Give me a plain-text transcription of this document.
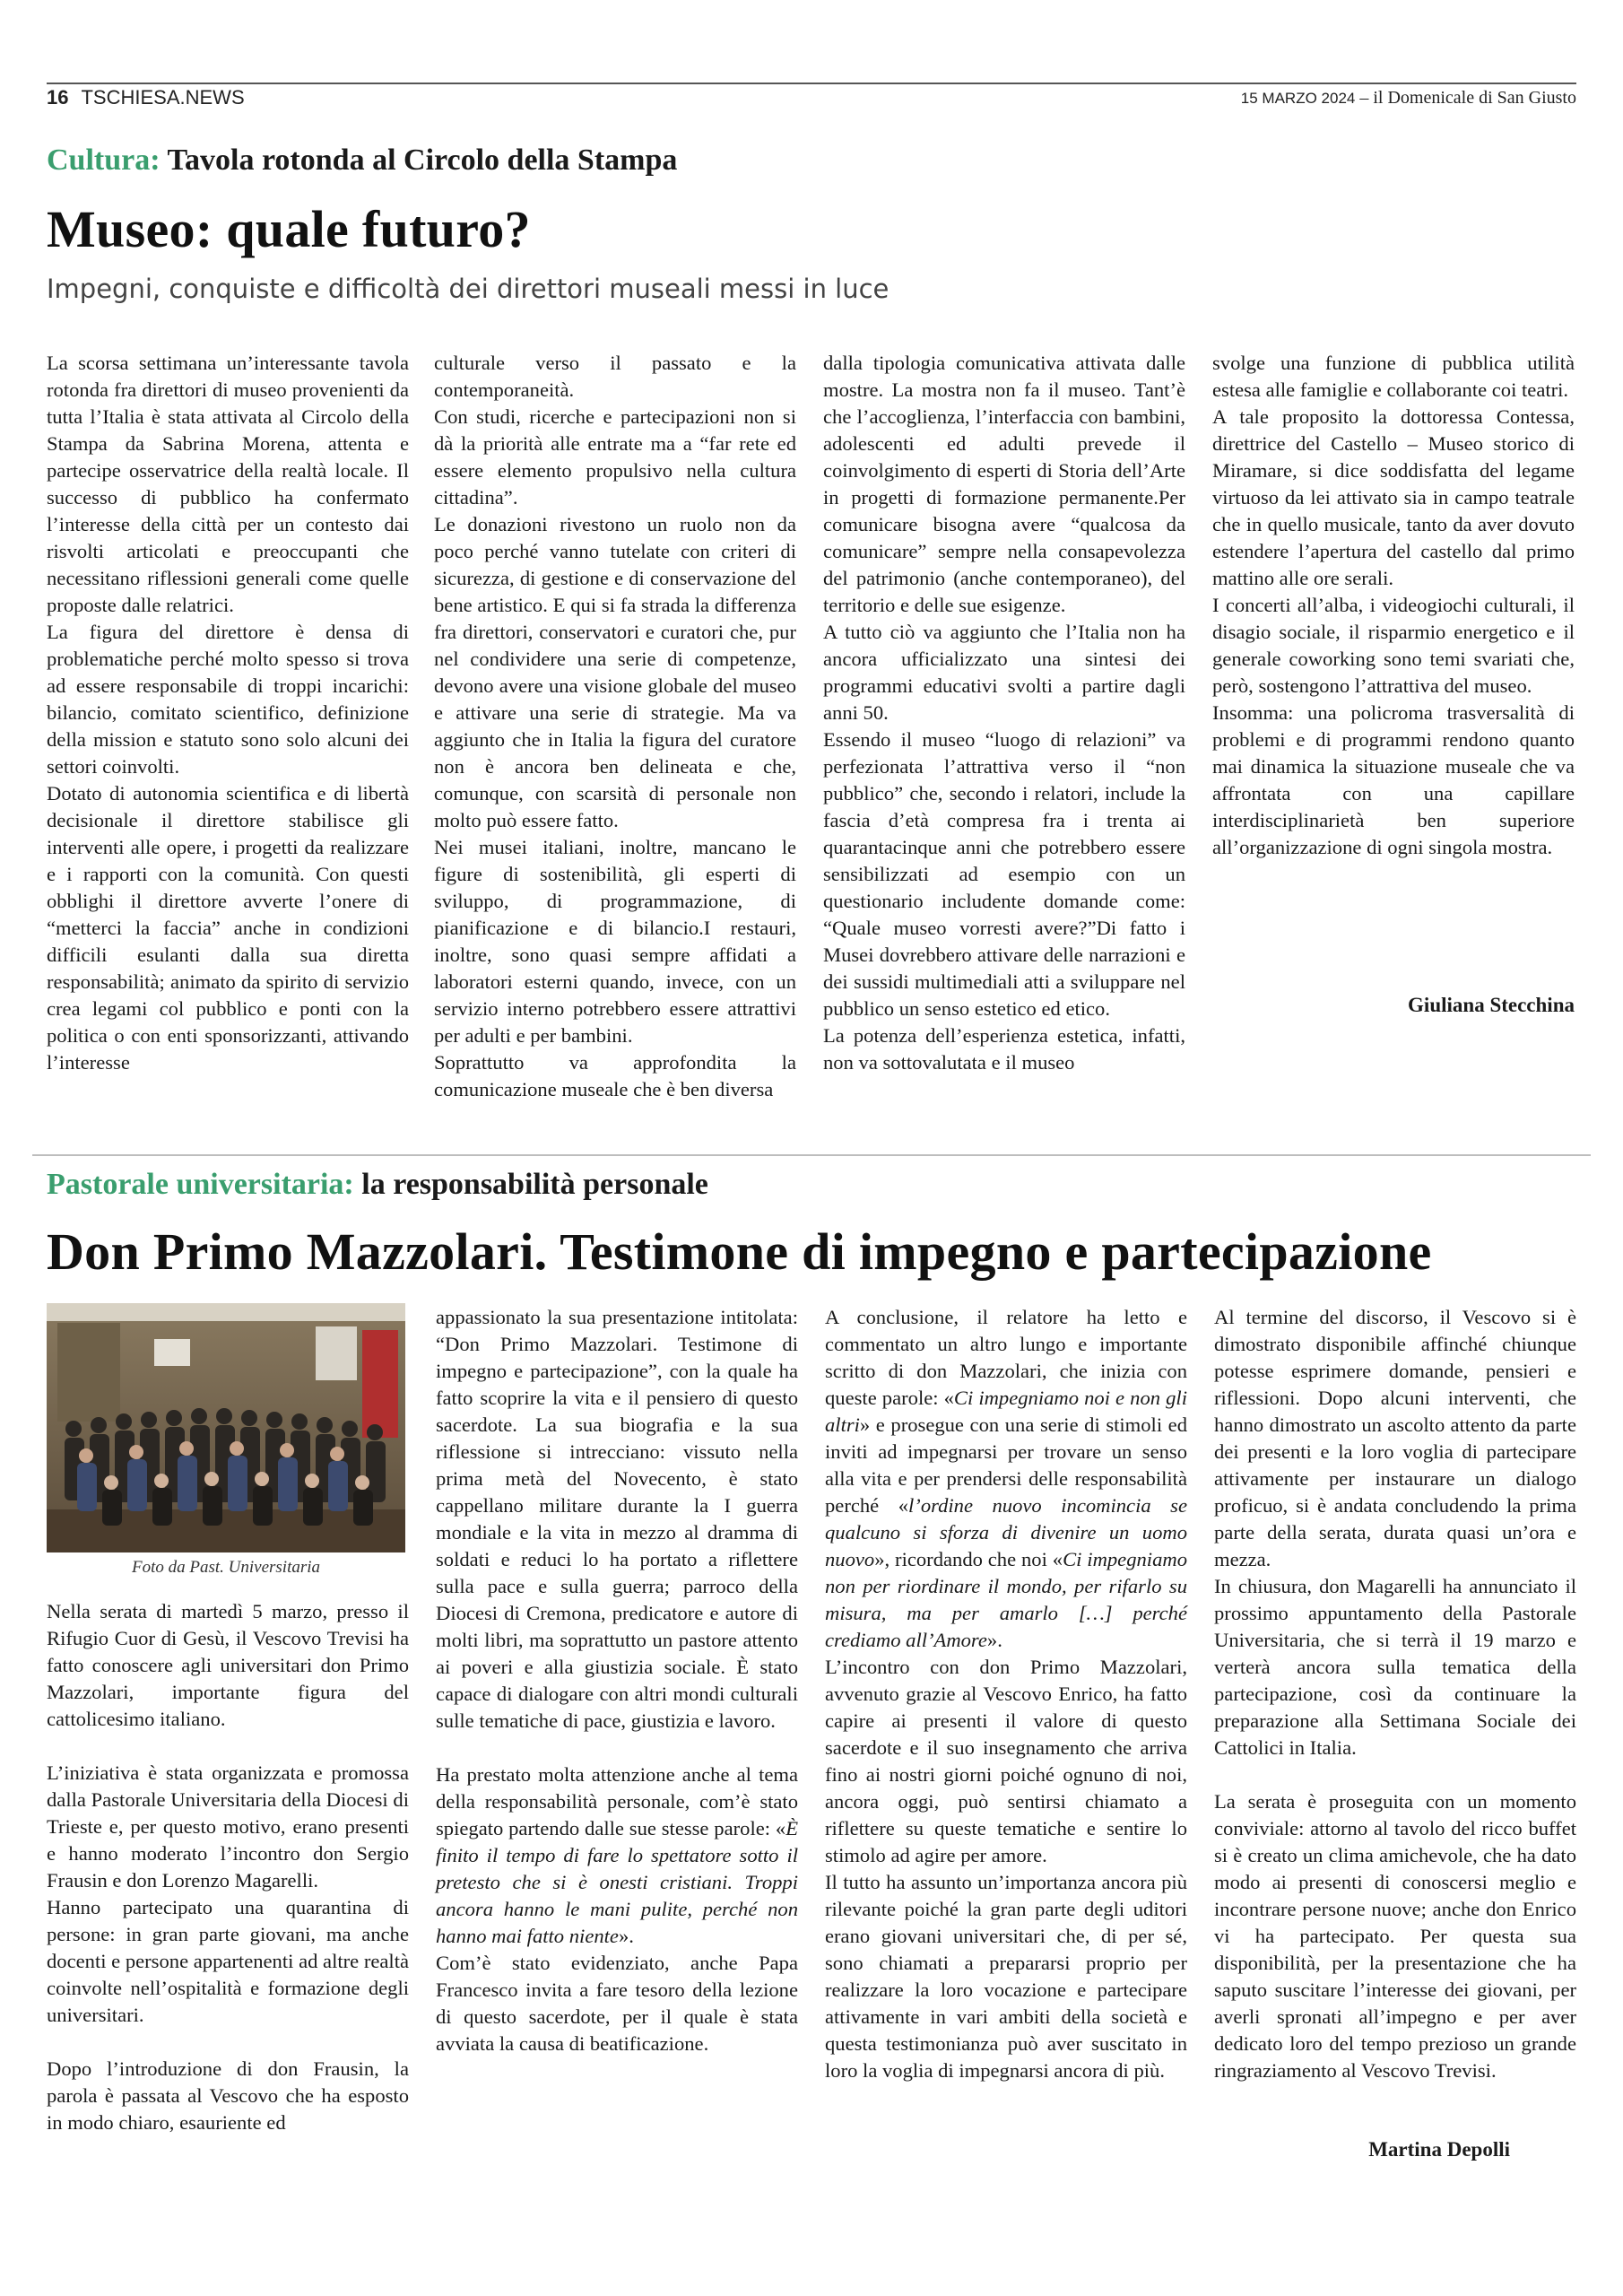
16 TSCHIESA.NEWS	15 MARZO 2024 – il Domenicale di San Giusto
Cultura: Tavola rotonda al Circolo della Stampa
Museo: quale futuro?
Impegni, conquiste e difficoltà dei direttori museali messi in luce

La scorsa settimana un’interessante tavola rotonda fra direttori di museo provenienti da tutta l’Italia è stata attivata al Circolo della Stampa da Sabrina Morena, attenta e partecipe osservatrice della realtà locale. Il successo di pubblico ha confermato l’interesse della città per un contesto dai risvolti articolati e preoccupanti che necessitano riflessioni generali come quelle proposte dalle relatrici.

La figura del direttore è densa di problematiche perché molto spesso si trova ad essere responsabile di troppi incarichi: bilancio, comitato scientifico, definizione della mission e statuto sono solo alcuni dei settori coinvolti.

Dotato di autonomia scientifica e di libertà decisionale il direttore stabilisce gli interventi alle opere, i progetti da realizzare e i rapporti con la comunità. Con questi obblighi il direttore avverte l’onere di “metterci la faccia” anche in condizioni difficili esulanti dalla sua diretta responsabilità; animato da spirito di servizio crea legami col pubblico e ponti con la politica o con enti sponsorizzanti, attivando l’interesse

culturale verso il passato e la contemporaneità.

Con studi, ricerche e partecipazioni non si dà la priorità alle entrate ma a “far rete ed essere elemento propulsivo nella cultura cittadina”.

Le donazioni rivestono un ruolo non da poco perché vanno tutelate con criteri di sicurezza, di gestione e di conservazione del bene artistico. E qui si fa strada la differenza fra direttori, conservatori e curatori che, pur nel condividere una serie di competenze, devono avere una visione globale del museo e attivare una serie di strategie. Ma va aggiunto che in Italia la figura del curatore non è ancora ben delineata e che, comunque, con scarsità di personale non molto può essere fatto.

Nei musei italiani, inoltre, mancano le figure di sostenibilità, gli esperti di sviluppo, di programmazione, di pianificazione e di bilancio.I restauri, inoltre, sono quasi sempre affidati a laboratori esterni quando, invece, con un servizio interno potrebbero essere attrattivi per adulti e per bambini.

Soprattutto va approfondita la comunicazione museale che è ben diversa

dalla tipologia comunicativa attivata dalle mostre. La mostra non fa il museo. Tant’è che l’accoglienza, l’interfaccia con bambini, adolescenti ed adulti prevede il coinvolgimento di esperti di Storia dell’Arte in progetti di formazione permanente.Per comunicare bisogna avere “qualcosa da comunicare” sempre nella consapevolezza del patrimonio (anche contemporaneo), del territorio e delle sue esigenze.

A tutto ciò va aggiunto che l’Italia non ha ancora ufficializzato una sintesi dei programmi educativi svolti a partire dagli anni 50.

Essendo il museo “luogo di relazioni” va perfezionata l’attrattiva verso il “non pubblico” che, secondo i relatori, include la fascia d’età compresa fra i trenta ai quarantacinque anni che potrebbero essere sensibilizzati ad esempio con un questionario includente domande come: “Quale museo vorresti avere?”Di fatto i Musei dovrebbero attivare delle narrazioni e dei sussidi multimediali atti a sviluppare nel pubblico un senso estetico ed etico.

La potenza dell’esperienza estetica, infatti, non va sottovalutata e il museo

svolge una funzione di pubblica utilità estesa alle famiglie e collaborante coi teatri.

A tale proposito la dottoressa Contessa, direttrice del Castello – Museo storico di Miramare, si dice soddisfatta del legame virtuoso da lei attivato sia in campo teatrale che in quello musicale, tanto da aver dovuto estendere l’apertura del castello dal primo mattino alle ore serali.

I concerti all’alba, i videogiochi culturali, il disagio sociale, il risparmio energetico e il generale coworking sono temi svariati che, però, sostengono l’attrattiva del museo.

Insomma: una policroma trasversalità di problemi e di programmi rendono quanto mai dinamica la situazione museale che va affrontata con una capillare interdisciplinarietà ben superiore all’organizzazione di ogni singola mostra.

Giuliana Stecchina
Pastorale universitaria: la responsabilità personale
Don Primo Mazzolari. Testimone di impegno e partecipazione
Foto da Past. Universitaria

Nella serata di martedì 5 marzo, presso il Rifugio Cuor di Gesù, il Vescovo Trevisi ha fatto conoscere agli universitari don Primo Mazzolari, importante figura del cattolicesimo italiano.

L’iniziativa è stata organizzata e promossa dalla Pastorale Universitaria della Diocesi di Trieste e, per questo motivo, erano presenti e hanno moderato l’incontro don Sergio Frausin e don Lorenzo Magarelli.

Hanno partecipato una quarantina di persone: in gran parte giovani, ma anche docenti e persone appartenenti ad altre realtà coinvolte nell’ospitalità e formazione degli universitari.

Dopo l’introduzione di don Frausin, la parola è passata al Vescovo che ha esposto in modo chiaro, esauriente ed

appassionato la sua presentazione intitolata: “Don Primo Mazzolari. Testimone di impegno e partecipazione”, con la quale ha fatto scoprire la vita e il pensiero di questo sacerdote. La sua biografia e la sua riflessione si intrecciano: vissuto nella prima metà del Novecento, è stato cappellano militare durante la I guerra mondiale e la vita in mezzo al dramma di soldati e reduci lo ha portato a riflettere sulla pace e sulla guerra; parroco della Diocesi di Cremona, predicatore e autore di molti libri, ma soprattutto un pastore attento ai poveri e alla giustizia sociale. È stato capace di dialogare con altri mondi culturali sulle tematiche di pace, giustizia e lavoro.

Ha prestato molta attenzione anche al tema della responsabilità personale, com’è stato spiegato partendo dalle sue stesse parole: «È finito il tempo di fare lo spettatore sotto il pretesto che si è onesti cristiani. Troppi ancora hanno le mani pulite, perché non hanno mai fatto niente».

Com’è stato evidenziato, anche Papa Francesco invita a fare tesoro della lezione di questo sacerdote, per il quale è stata avviata la causa di beatificazione.

A conclusione, il relatore ha letto e commentato un altro lungo e importante scritto di don Mazzolari, che inizia con queste parole: «Ci impegniamo noi e non gli altri» e prosegue con una serie di stimoli ed inviti ad impegnarsi per trovare un senso alla vita e per prendersi delle responsabilità perché «l’ordine nuovo incomincia se qualcuno si sforza di divenire un uomo nuovo», ricordando che noi «Ci impegniamo non per riordinare il mondo, per rifarlo su misura, ma per amarlo […] perché crediamo all’Amore».

L’incontro con don Primo Mazzolari, avvenuto grazie al Vescovo Enrico, ha fatto capire ai presenti il valore di questo sacerdote e il suo insegnamento che arriva fino ai nostri giorni poiché ognuno di noi, ancora oggi, può sentirsi chiamato a riflettere su queste tematiche e sentire lo stimolo ad agire per amore.

Il tutto ha assunto un’importanza ancora più rilevante poiché la gran parte degli uditori erano giovani universitari che, di per sé, sono chiamati a prepararsi proprio per realizzare la loro vocazione e partecipare attivamente in vari ambiti della società e questa testimonianza può aver suscitato in loro la voglia di impegnarsi ancora di più.

Al termine del discorso, il Vescovo si è dimostrato disponibile affinché chiunque potesse esprimere domande, pensieri e riflessioni. Dopo alcuni interventi, che hanno dimostrato un ascolto attento da parte dei presenti e la loro voglia di partecipare attivamente per instaurare un dialogo proficuo, si è andata concludendo la prima parte della serata, durata quasi un’ora e mezza.

In chiusura, don Magarelli ha annunciato il prossimo appuntamento della Pastorale Universitaria, che si terrà il 19 marzo e verterà ancora sulla tematica della partecipazione, così da continuare la preparazione alla Settimana Sociale dei Cattolici in Italia.

La serata è proseguita con un momento conviviale: attorno al tavolo del ricco buffet si è creato un clima amichevole, che ha dato modo ai presenti di conoscersi meglio e incontrare persone nuove; anche don Enrico vi ha partecipato. Per questa sua disponibilità, per la presentazione che ha saputo suscitare l’interesse dei giovani, per averli spronati all’impegno e per aver dedicato loro del tempo prezioso un grande ringraziamento al Vescovo Trevisi.

Martina Depolli
